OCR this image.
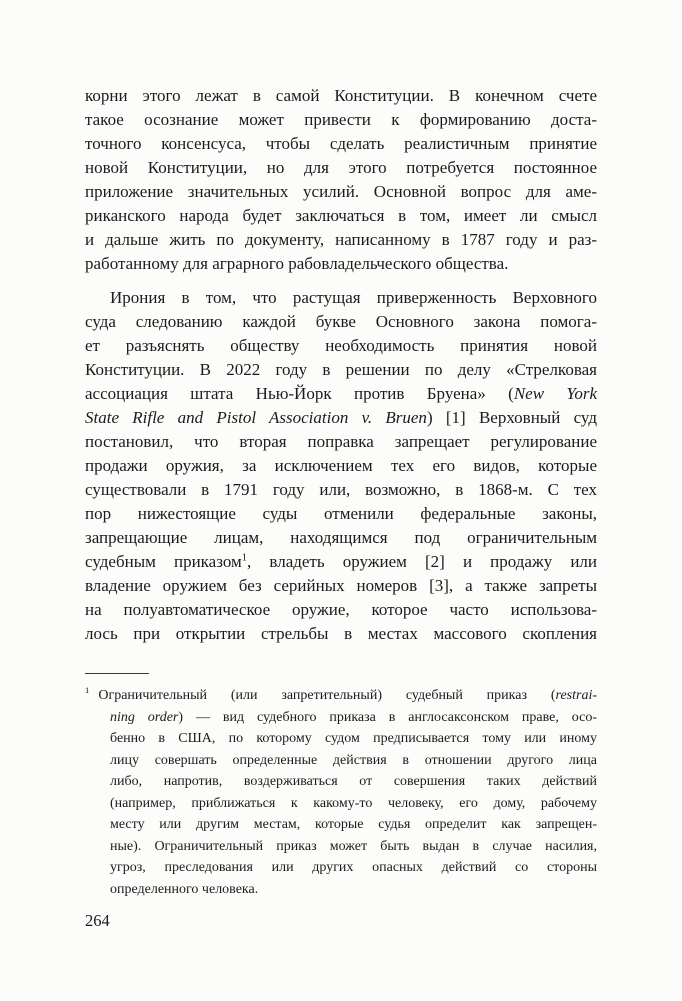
корни этого лежат в самой Конституции. В конечном счете
такое осознание может привести к формированию доста-
точного консенсуса, чтобы сделать реалистичным принятие
новой Конституции, но для этого потребуется постоянное
приложение значительных усилий. Основной вопрос для аме-
риканского народа будет заключаться в том, имеет ли смысл
и дальше жить по документу, написанному в 1787 году и раз-
работанному для аграрного рабовладельческого общества.
Ирония в том, что растущая приверженность Верховного
суда следованию каждой букве Основного закона помога-
ет разъяснять обществу необходимость принятия новой
Конституции. В 2022 году в решении по делу «Стрелковая
ассоциация штата Нью-Йорк против Бруена» (New York
State Rifle and Pistol Association v. Bruen) [1] Верховный суд
постановил, что вторая поправка запрещает регулирование
продажи оружия, за исключением тех его видов, которые
существовали в 1791 году или, возможно, в 1868-м. С тех
пор нижестоящие суды отменили федеральные законы,
запрещающие лицам, находящимся под ограничительным
судебным приказом$^1$, владеть оружием [2] и продажу или
владение оружием без серийных номеров [3], а также запреты
на полуавтоматическое оружие, которое часто использова-
лось при открытии стрельбы в местах массового скопления
$^1$ Ограничительный (или запретительный) судебный приказ (restrai-
ning order) — вид судебного приказа в англосаксонском праве, осо-
бенно в США, по которому судом предписывается тому или иному
лицу совершать определенные действия в отношении другого лица
либо, напротив, воздерживаться от совершения таких действий
(например, приближаться к какому-то человеку, его дому, рабочему
месту или другим местам, которые судья определит как запрещен-
ные). Ограничительный приказ может быть выдан в случае насилия,
угроз, преследования или других опасных действий со стороны
определенного человека.
264
